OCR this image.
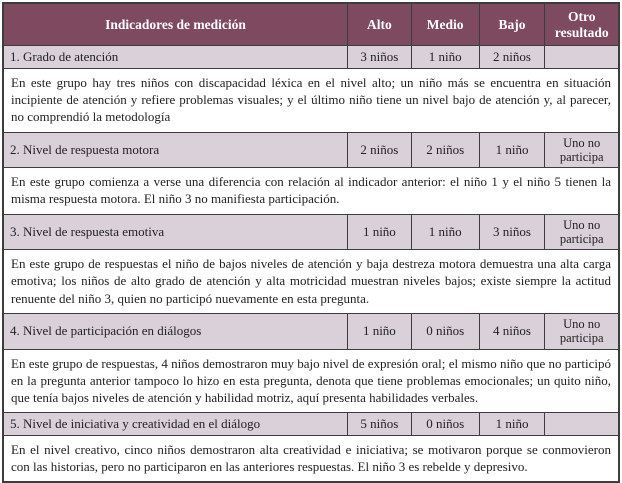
Indicadores de medición	Alto	Medio	Bajo	Otro resultado
1. Grado de atención	3 niños	1 niño	2 niños	
En este grupo hay tres niños con discapacidad léxica en el nivel alto; un niño más se encuentra en situación incipiente de atención y refiere problemas visuales; y el último niño tiene un nivel bajo de atención y, al parecer, no comprendió la metodología				
2. Nivel de respuesta motora	2 niños	2 niños	1 niño	Uno no participa
En este grupo comienza a verse una diferencia con relación al indicador anterior: el niño 1 y el niño 5 tienen la misma respuesta motora. El niño 3 no manifiesta participación.				
3. Nivel de respuesta emotiva	1 niño	1 niño	3 niños	Uno no participa
En este grupo de respuestas el niño de bajos niveles de atención y baja destreza motora demuestra una alta carga emotiva; los niños de alto grado de atención y alta motricidad muestran niveles bajos; existe siempre la actitud renuente del niño 3, quien no participó nuevamente en esta pregunta.				
4. Nivel de participación en diálogos	1 niño	0 niños	4 niños	Uno no participa
En este grupo de respuestas, 4 niños demostraron muy bajo nivel de expresión oral; el mismo niño que no participó en la pregunta anterior tampoco lo hizo en esta pregunta, denota que tiene problemas emocionales; un quito niño, que tenía bajos niveles de atención y habilidad motriz, aquí presenta habilidades verbales.				
5. Nivel de iniciativa y creatividad en el diálogo	5 niños	0 niños	1 niño	
En el nivel creativo, cinco niños demostraron alta creatividad e iniciativa; se motivaron porque se conmovieron con las historias, pero no participaron en las anteriores respuestas. El niño 3 es rebelde y depresivo.				
